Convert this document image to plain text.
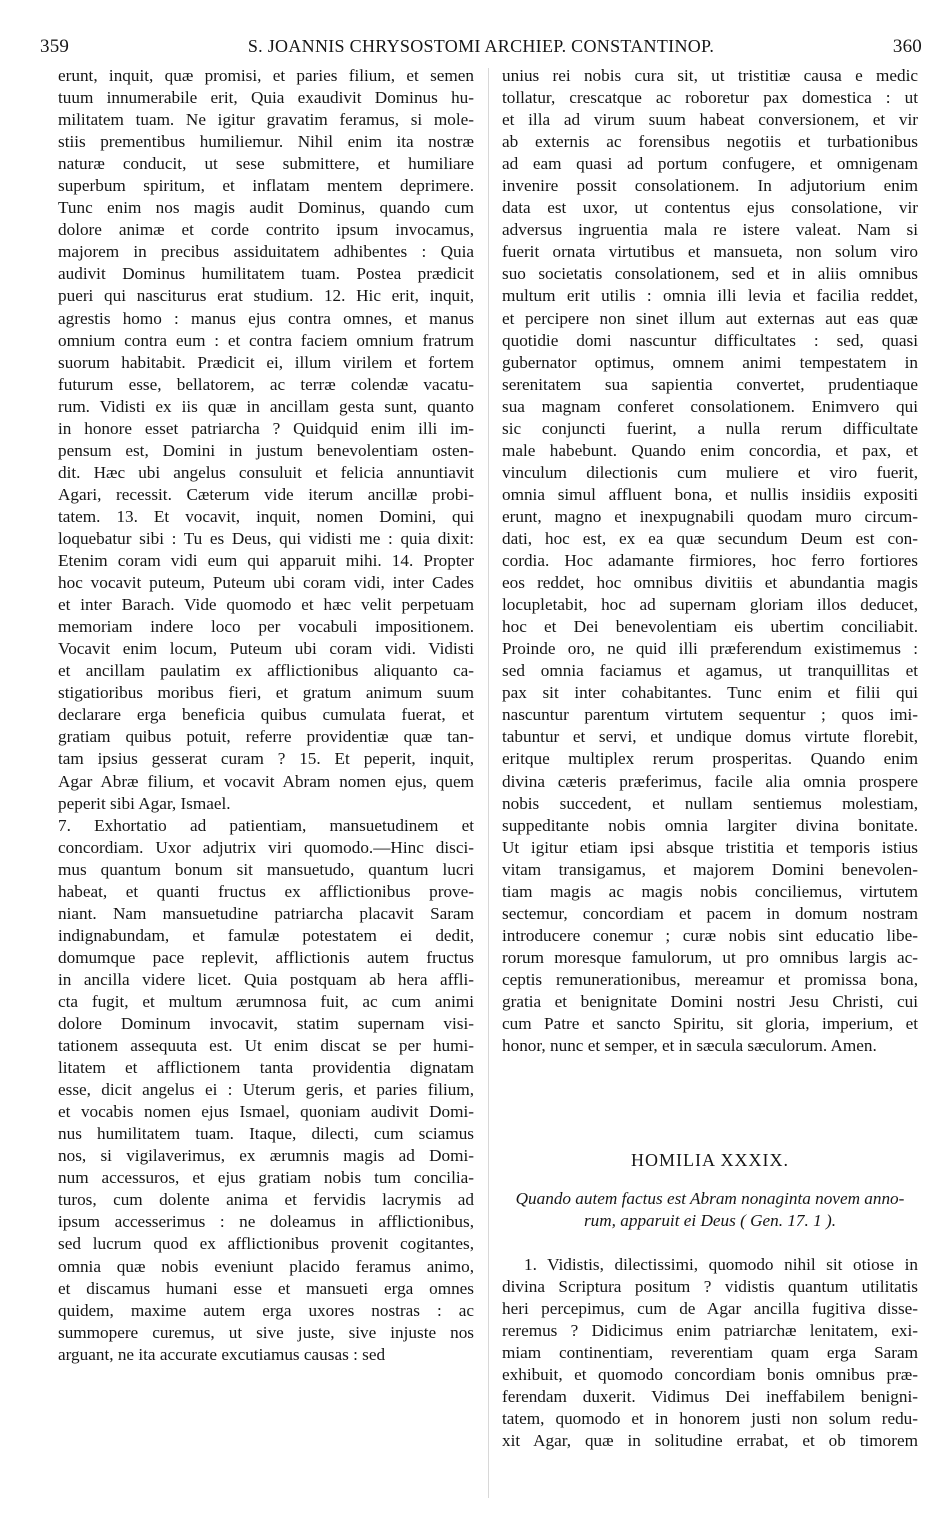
359	S. JOANNIS CHRYSOSTOMI ARCHIEP. CONSTANTINOP.	360
erunt, inquit, quæ promisi, et paries filium, et semen
tuum innumerabile erit, Quia exaudivit Dominus hu-
militatem tuam. Ne igitur gravatim feramus, si mole-
stiis prementibus humiliemur. Nihil enim ita nostræ
naturæ conducit, ut sese submittere, et humiliare
superbum spiritum, et inflatam mentem deprimere.
Tunc enim nos magis audit Dominus, quando cum
dolore animæ et corde contrito ipsum invocamus,
majorem in precibus assiduitatem adhibentes : Quia
audivit Dominus humilitatem tuam. Postea prædicit
pueri qui nasciturus erat studium. 12. Hic erit, inquit,
agrestis homo : manus ejus contra omnes, et manus
omnium contra eum : et contra faciem omnium fratrum
suorum habitabit. Prædicit ei, illum virilem et fortem
futurum esse, bellatorem, ac terræ colendæ vacatu-
rum. Vidisti ex iis quæ in ancillam gesta sunt, quanto
in honore esset patriarcha ? Quidquid enim illi im-
pensum est, Domini in justum benevolentiam osten-
dit. Hæc ubi angelus consuluit et felicia annuntiavit
Agari, recessit. Cæterum vide iterum ancillæ probi-
tatem. 13. Et vocavit, inquit, nomen Domini, qui
loquebatur sibi : Tu es Deus, qui vidisti me : quia dixit:
Etenim coram vidi eum qui apparuit mihi. 14. Propter
hoc vocavit puteum, Puteum ubi coram vidi, inter Cades
et inter Barach. Vide quomodo et hæc velit perpetuam
memoriam indere loco per vocabuli impositionem.
Vocavit enim locum, Puteum ubi coram vidi. Vidisti
et ancillam paulatim ex afflictionibus aliquanto ca-
stigatioribus moribus fieri, et gratum animum suum
declarare erga beneficia quibus cumulata fuerat, et
gratiam quibus potuit, referre providentiæ quæ tan-
tam ipsius gesserat curam ? 15. Et peperit, inquit,
Agar Abræ filium, et vocavit Abram nomen ejus, quem
peperit sibi Agar, Ismael.
7. Exhortatio ad patientiam, mansuetudinem et
concordiam. Uxor adjutrix viri quomodo.—Hinc disci-
mus quantum bonum sit mansuetudo, quantum lucri
habeat, et quanti fructus ex afflictionibus prove-
niant. Nam mansuetudine patriarcha placavit Saram
indignabundam, et famulæ potestatem ei dedit,
domumque pace replevit, afflictionis autem fructus
in ancilla videre licet. Quia postquam ab hera affli-
cta fugit, et multum ærumnosa fuit, ac cum animi
dolore Dominum invocavit, statim supernam visi-
tationem assequuta est. Ut enim discat se per humi-
litatem et afflictionem tanta providentia dignatam
esse, dicit angelus ei : Uterum geris, et paries filium,
et vocabis nomen ejus Ismael, quoniam audivit Domi-
nus humilitatem tuam. Itaque, dilecti, cum sciamus
nos, si vigilaverimus, ex ærumnis magis ad Domi-
num accessuros, et ejus gratiam nobis tum concilia-
turos, cum dolente anima et fervidis lacrymis ad
ipsum accesserimus : ne doleamus in afflictionibus,
sed lucrum quod ex afflictionibus provenit cogitantes,
omnia quæ nobis eveniunt placido feramus animo,
et discamus humani esse et mansueti erga omnes
quidem, maxime autem erga uxores nostras : ac
summopere curemus, ut sive juste, sive injuste nos
arguant, ne ita accurate excutiamus causas : sed
unius rei nobis cura sit, ut tristitiæ causa e medic
tollatur, crescatque ac roboretur pax domestica : ut
et illa ad virum suum habeat conversionem, et vir
ab externis ac forensibus negotiis et turbationibus
ad eam quasi ad portum confugere, et omnigenam
invenire possit consolationem. In adjutorium enim
data est uxor, ut contentus ejus consolatione, vir
adversus ingruentia mala re istere valeat. Nam si
fuerit ornata virtutibus et mansueta, non solum viro
suo societatis consolationem, sed et in aliis omnibus
multum erit utilis : omnia illi levia et facilia reddet,
et percipere non sinet illum aut externas aut eas quæ
quotidie domi nascuntur difficultates : sed, quasi
gubernator optimus, omnem animi tempestatem in
serenitatem sua sapientia convertet, prudentiaque
sua magnam conferet consolationem. Enimvero qui
sic conjuncti fuerint, a nulla rerum difficultate
male habebunt. Quando enim concordia, et pax, et
vinculum dilectionis cum muliere et viro fuerit,
omnia simul affluent bona, et nullis insidiis expositi
erunt, magno et inexpugnabili quodam muro circum-
dati, hoc est, ex ea quæ secundum Deum est con-
cordia. Hoc adamante firmiores, hoc ferro fortiores
eos reddet, hoc omnibus divitiis et abundantia magis
locupletabit, hoc ad supernam gloriam illos deducet,
hoc et Dei benevolentiam eis ubertim conciliabit.
Proinde oro, ne quid illi præferendum existimemus :
sed omnia faciamus et agamus, ut tranquillitas et
pax sit inter cohabitantes. Tunc enim et filii qui
nascuntur parentum virtutem sequentur ; quos imi-
tabuntur et servi, et undique domus virtute florebit,
eritque multiplex rerum prosperitas. Quando enim
divina cæteris præferimus, facile alia omnia prospere
nobis succedent, et nullam sentiemus molestiam,
suppeditante nobis omnia largiter divina bonitate.
Ut igitur etiam ipsi absque tristitia et temporis istius
vitam transigamus, et majorem Domini benevolen-
tiam magis ac magis nobis conciliemus, virtutem
sectemur, concordiam et pacem in domum nostram
introducere conemur ; curæ nobis sint educatio libe-
rorum moresque famulorum, ut pro omnibus largis ac-
ceptis remunerationibus, mereamur et promissa bona,
gratia et benignitate Domini nostri Jesu Christi, cui
cum Patre et sancto Spiritu, sit gloria, imperium, et
honor, nunc et semper, et in sæcula sæculorum. Amen.
HOMILIA XXXIX.
Quando autem factus est Abram nonaginta novem anno-
rum, apparuit ei Deus ( Gen. 17. 1 ).
1. Vidistis, dilectissimi, quomodo nihil sit otiose in
divina Scriptura positum ? vidistis quantum utilitatis
heri percepimus, cum de Agar ancilla fugitiva disse-
reremus ? Didicimus enim patriarchæ lenitatem, exi-
miam continentiam, reverentiam quam erga Saram
exhibuit, et quomodo concordiam bonis omnibus præ-
ferendam duxerit. Vidimus Dei ineffabilem benigni-
tatem, quomodo et in honorem justi non solum redu-
xit Agar, quæ in solitudine errabat, et ob timorem
